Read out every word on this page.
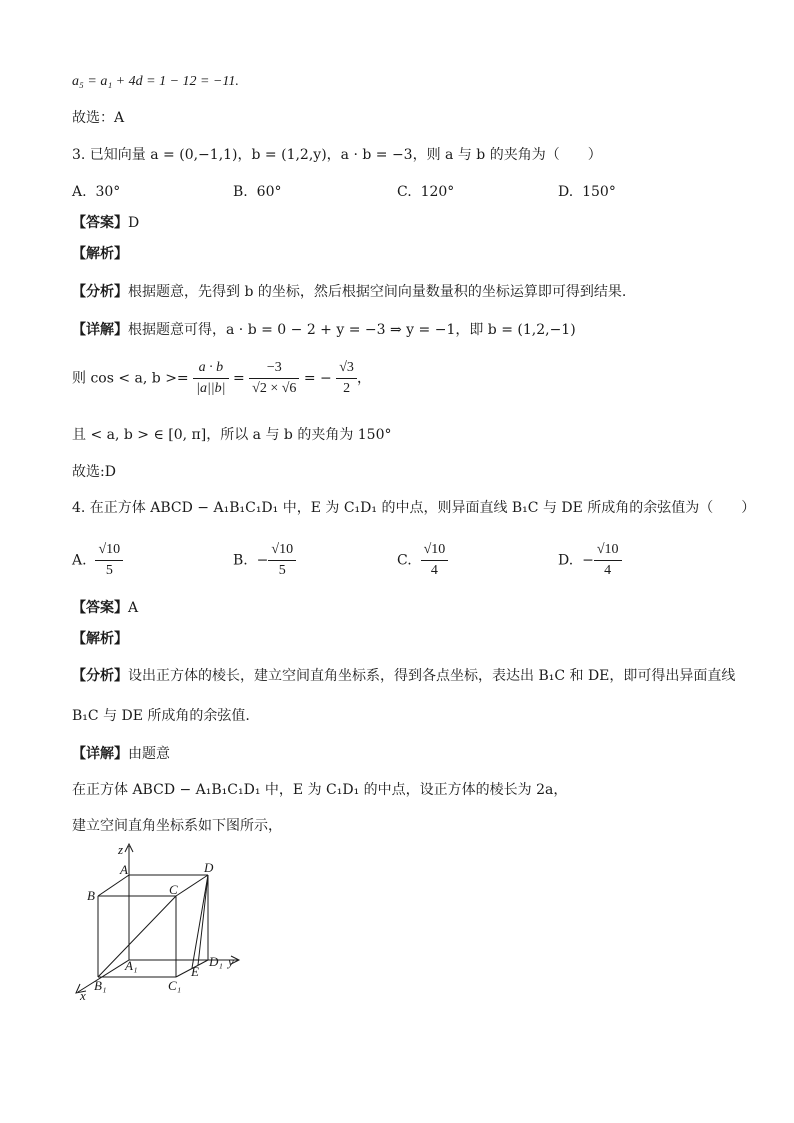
a₅ = a₁ + 4d = 1 − 12 = −11.
故选：A
3. 已知向量 a = (0,−1,1)，b = (1,2,y)，a · b = −3，则 a 与 b 的夹角为（　　）
A. 30°	B. 60°	C. 120°	D. 150°
【答案】D
【解析】
【分析】根据题意，先得到 b 的坐标，然后根据空间向量数量积的坐标运算即可得到结果.
【详解】根据题意可得，a · b = 0 − 2 + y = −3 ⇒ y = −1，即 b = (1,2,−1)
则 cos < a, $b >= \frac{a \cdot b}{|a||b|} = \frac{-3}{√2 \times √6}$ = − $\frac{√3}{2}$ ，
且 < a, b > ∈ [0, π]，所以 a 与 b 的夹角为 150°
故选:D
4. 在正方体 ABCD − A₁B₁C₁D₁ 中，E 为 C₁D₁ 的中点，则异面直线 B₁C 与 DE 所成角的余弦值为（　　）
A. $\frac{√10}{5}$	B. − $\frac{√10}{5}$	C. $\frac{√10}{4}$	D. − $\frac{√10}{4}$
【答案】A
【解析】
【分析】设出正方体的棱长，建立空间直角坐标系，得到各点坐标，表达出 B₁C 和 DE，即可得出异面直线
B₁C 与 DE 所成角的余弦值.
【详解】由题意
在正方体 ABCD − A₁B₁C₁D₁ 中，E 为 C₁D₁ 的中点，设正方体的棱长为 2a，
建立空间直角坐标系如下图所示，
z
y
x
A
B	C
D
A₁
B₁	C₁
D₁
E
